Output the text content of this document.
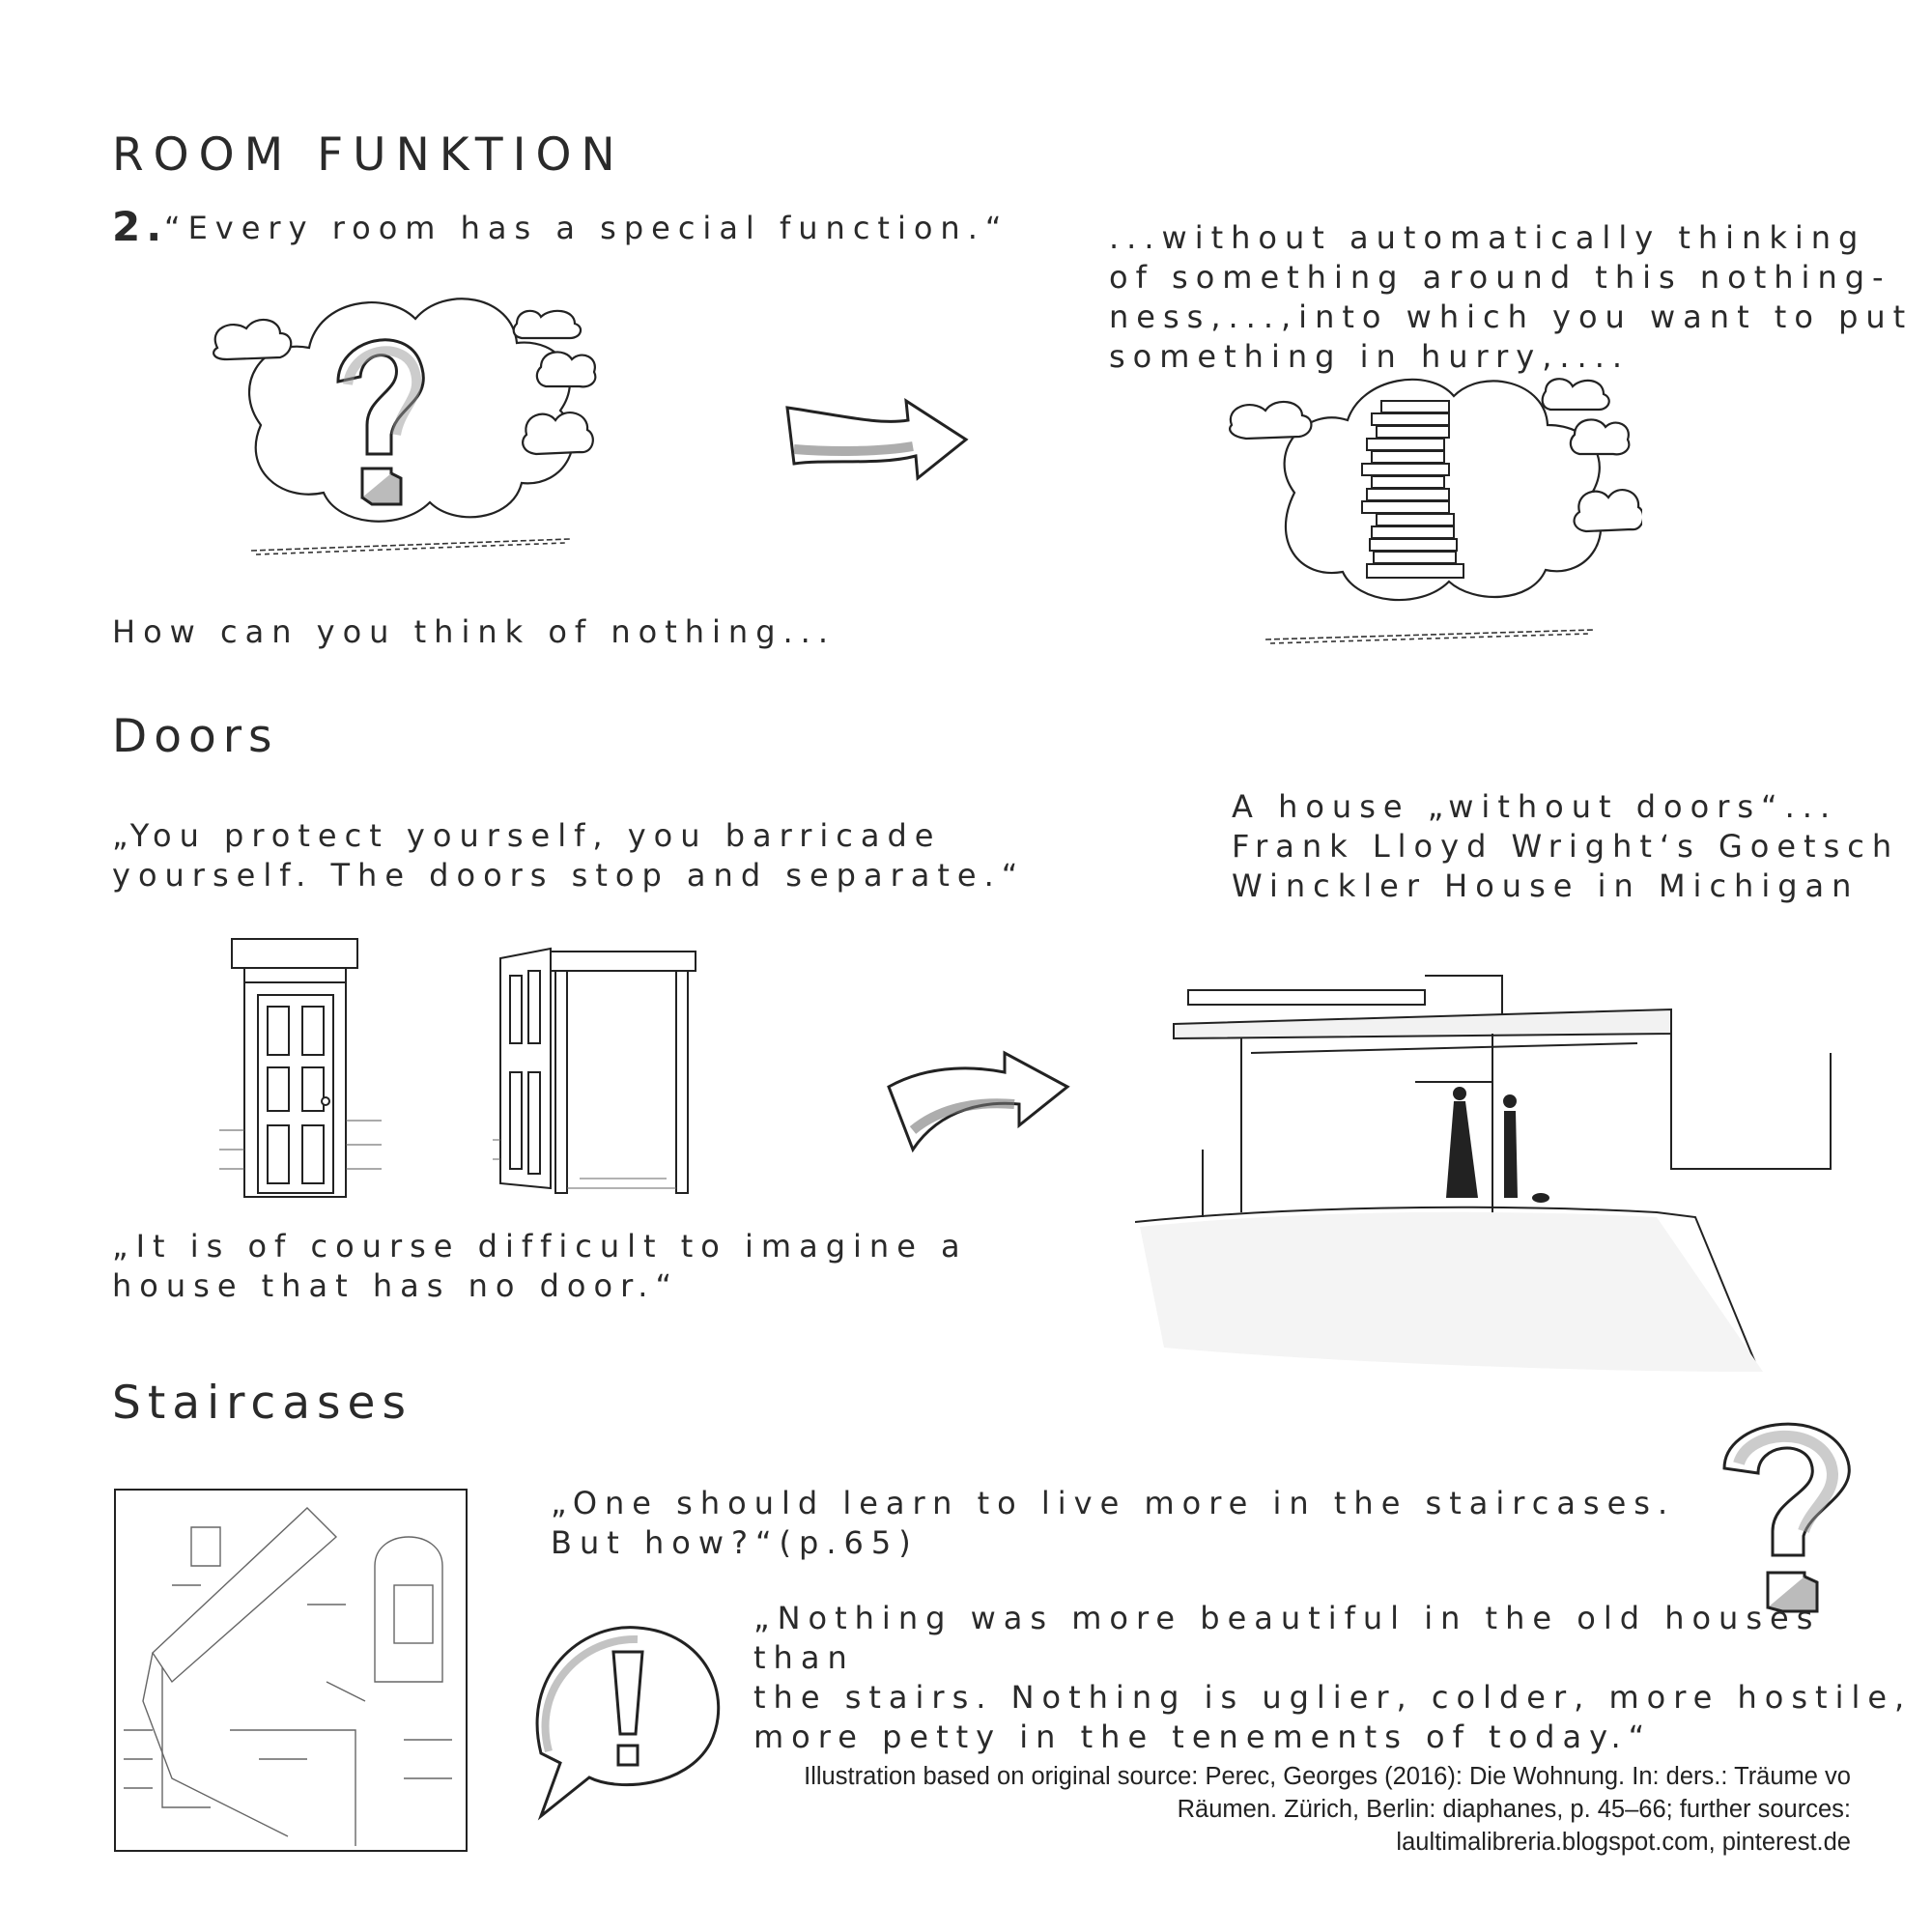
ROOM FUNKTION
2.
“Every room has a special function.“	...without automatically thinking
of something around this nothing-
ness,...,into which you want to put
something in hurry,....
How can you think of nothing...
Doors
„You protect yourself, you barricade
yourself. The doors stop and separate.“
A house „without doors“...
Frank Lloyd Wright‘s Goetsch
Winckler House in Michigan
„It is of course difficult to imagine a
house that has no door.“
Staircases
„One should learn to live more in the staircases.
But how?“(p.65)
„Nothing was more beautiful in the old houses than
the stairs. Nothing is uglier, colder, more hostile,
more petty in the tenements of today.“
Illustration based on original source: Perec, Georges (2016): Die Wohnung. In: ders.: Träume vo
Räumen. Zürich, Berlin: diaphanes, p. 45–66; further sources:
laultimalibreria.blogspot.com, pinterest.de
